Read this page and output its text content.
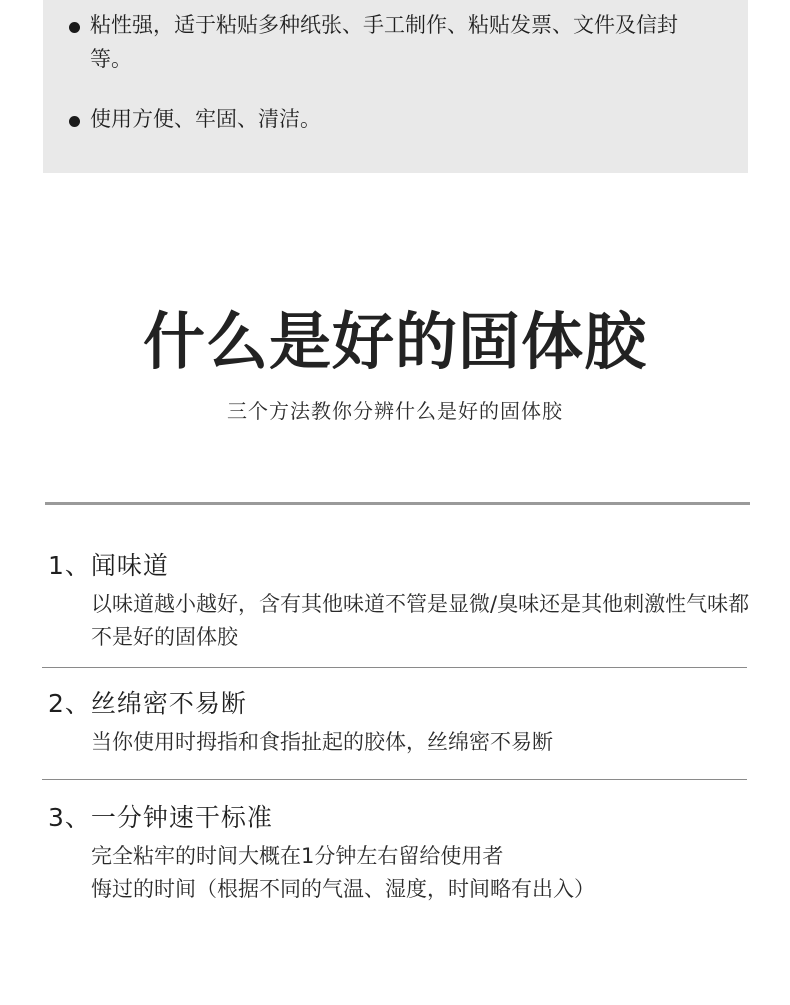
粘性强，适于粘贴多种纸张、手工制作、粘贴发票、文件及信封等。
使用方便、牢固、清洁。
什么是好的固体胶
三个方法教你分辨什么是好的固体胶
1、闻味道
以味道越小越好，含有其他味道不管是显微/臭味还是其他刺激性气味都不是好的固体胶
2、丝绵密不易断
当你使用时拇指和食指扯起的胶体，丝绵密不易断
3、一分钟速干标准
完全粘牢的时间大概在1分钟左右留给使用者
悔过的时间（根据不同的气温、湿度，时间略有出入）
